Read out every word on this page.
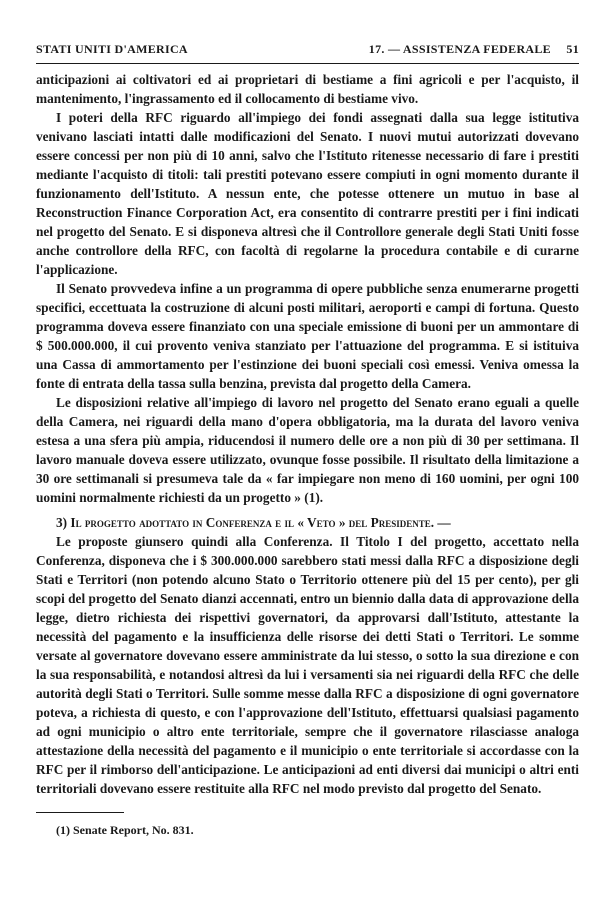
STATI UNITI D'AMERICA	17. — ASSISTENZA FEDERALE	51

anticipazioni ai coltivatori ed ai proprietari di bestiame a fini agricoli e per l'acquisto, il mantenimento, l'ingrassamento ed il collocamento di bestiame vivo.

I poteri della RFC riguardo all'impiego dei fondi assegnati dalla sua legge istitutiva venivano lasciati intatti dalle modificazioni del Senato. I nuovi mutui autorizzati dovevano essere concessi per non più di 10 anni, salvo che l'Istituto ritenesse necessario di fare i prestiti mediante l'acquisto di titoli: tali prestiti potevano essere compiuti in ogni momento durante il funzionamento dell'Istituto. A nessun ente, che potesse ottenere un mutuo in base al Reconstruction Finance Corporation Act, era consentito di contrarre prestiti per i fini indicati nel progetto del Senato. E si disponeva altresì che il Controllore generale degli Stati Uniti fosse anche controllore della RFC, con facoltà di regolarne la procedura contabile e di curarne l'applicazione.

Il Senato provvedeva infine a un programma di opere pubbliche senza enumerarne progetti specifici, eccettuata la costruzione di alcuni posti militari, aeroporti e campi di fortuna. Questo programma doveva essere finanziato con una speciale emissione di buoni per un ammontare di $ 500.000.000, il cui provento veniva stanziato per l'attuazione del programma. E si istituiva una Cassa di ammortamento per l'estinzione dei buoni speciali così emessi. Veniva omessa la fonte di entrata della tassa sulla benzina, prevista dal progetto della Camera.

Le disposizioni relative all'impiego di lavoro nel progetto del Senato erano eguali a quelle della Camera, nei riguardi della mano d'opera obbligatoria, ma la durata del lavoro veniva estesa a una sfera più ampia, riducendosi il numero delle ore a non più di 30 per settimana. Il lavoro manuale doveva essere utilizzato, ovunque fosse possibile. Il risultato della limitazione a 30 ore settimanali si presumeva tale da « far impiegare non meno di 160 uomini, per ogni 100 uomini normalmente richiesti da un progetto » (1).

3) Il progetto adottato in Conferenza e il « Veto » del Presidente. —

Le proposte giunsero quindi alla Conferenza. Il Titolo I del progetto, accettato nella Conferenza, disponeva che i $ 300.000.000 sarebbero stati messi dalla RFC a disposizione degli Stati e Territori (non potendo alcuno Stato o Territorio ottenere più del 15 per cento), per gli scopi del progetto del Senato dianzi accennati, entro un biennio dalla data di approvazione della legge, dietro richiesta dei rispettivi governatori, da approvarsi dall'Istituto, attestante la necessità del pagamento e la insufficienza delle risorse dei detti Stati o Territori. Le somme versate al governatore dovevano essere amministrate da lui stesso, o sotto la sua direzione e con la sua responsabilità, e notandosi altresì da lui i versamenti sia nei riguardi della RFC che delle autorità degli Stati o Territori. Sulle somme messe dalla RFC a disposizione di ogni governatore poteva, a richiesta di questo, e con l'approvazione dell'Istituto, effettuarsi qualsiasi pagamento ad ogni municipio o altro ente territoriale, sempre che il governatore rilasciasse analoga attestazione della necessità del pagamento e il municipio o ente territoriale si accordasse con la RFC per il rimborso dell'anticipazione. Le anticipazioni ad enti diversi dai municipi o altri enti territoriali dovevano essere restituite alla RFC nel modo previsto dal progetto del Senato.

(1) Senate Report, No. 831.
